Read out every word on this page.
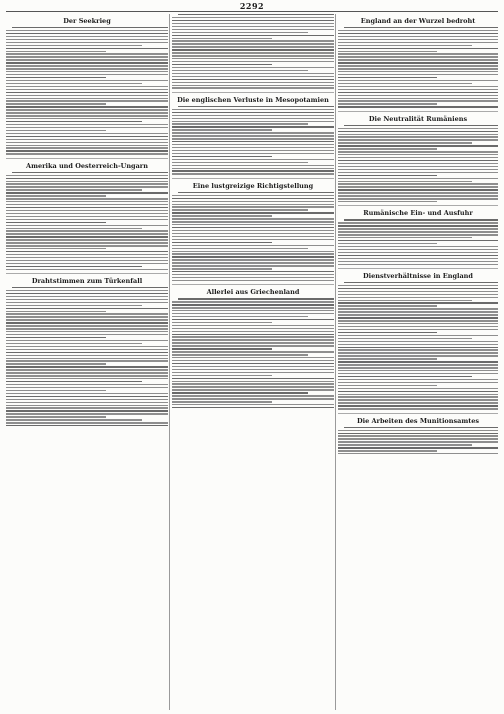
2292
Der Seekrieg
Amerika und Oesterreich-Ungarn
Drahtstimmen zum Türkenfall
Die englischen Verluste in Mesopotamien
Eine lustgreizige Richtigstellung
Allerlei aus Griechenland
England an der Wurzel bedroht
Die Neutralität Rumäniens
Rumänische Ein- und Ausfuhr
Dienstverhältnisse in England
Die Arbeiten des Munitionsamtes
